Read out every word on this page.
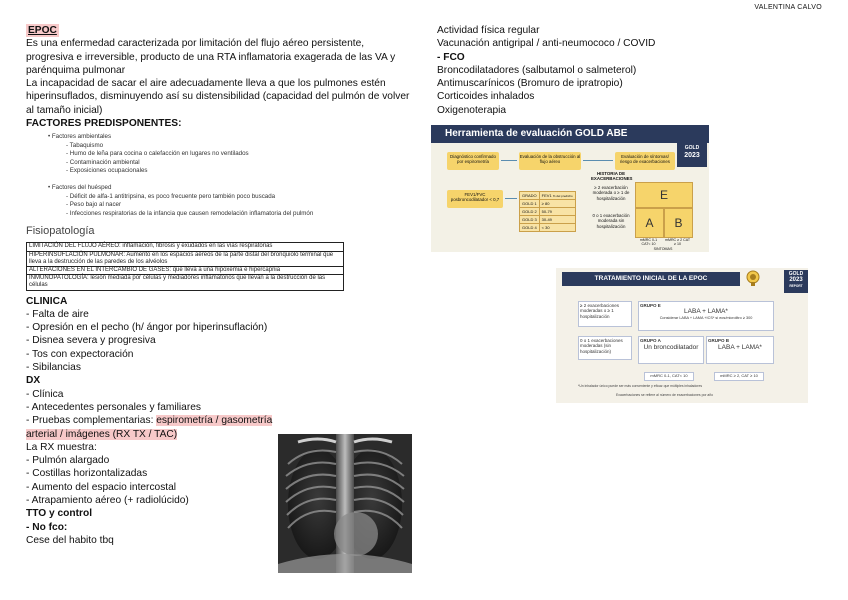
VALENTINA CALVO
EPOC

Es una enfermedad caracterizada por limitación del flujo aéreo persistente, progresiva e irreversible, producto de una RTA inflamatoria exagerada de las VA y parénquima pulmonar

La incapacidad de sacar el aire adecuadamente lleva a que los pulmones estén hiperinsuflados, disminuyendo así su distensibilidad (capacidad del pulmón de volver al tamaño inicial)

FACTORES PREDISPONENTES:

• Factores ambientales
- Tabaquismo
- Humo de leña para cocina o calefacción en lugares no ventilados
- Contaminación ambiental
- Exposiciones ocupacionales
• Factores del huésped
- Déficit de alfa-1 antitripsina, es poco frecuente pero también poco buscada
- Peso bajo al nacer
- Infecciones respiratorias de la infancia que causen remodelación inflamatoria del pulmón
Fisiopatología
LIMITACIÓN DEL FLUJO AÉREO: inflamación, fibrosis y exudados en las vías respiratorias
HIPERINSUFLACIÓN PULMONAR: Aumento en los espacios aéreos de la parte distal del bronquiolo terminal que lleva a la destrucción de las paredes de los alvéolos
ALTERACIONES EN EL INTERCAMBIO DE GASES: que lleva a una hipoxemia e hipercapnia
INMUNOPATOLOGÍA: lesión mediada por células y mediadores inflamatorios que llevan a la destrucción de las células

CLINICA

- Falta de aire

- Opresión en el pecho (h/ ángor por hiperinsuflación)

- Disnea severa y progresiva

- Tos con expectoración

- Sibilancias

DX

- Clínica

- Antecedentes personales y familiares

- Pruebas complementarias: espirometría / gasometría

arterial / imágenes (RX TX / TAC)

La RX muestra:

- Pulmón alargado

- Costillas horizontalizadas

- Aumento del espacio intercostal

- Atrapamiento aéreo (+ radiolúcido)

TTO y control

- No fco:

Cese del habito tbq

Actividad física regular

Vacunación antigripal / anti-neumococo / COVID

- FCO

Broncodilatadores (salbutamol o salmeterol)

Antimuscarínicos (Bromuro de ipratropio)

Corticoides inhalados

Oxigenoterapia

Herramienta de evaluación GOLD ABE
GOLD
2023
Diagnóstico confirmado por espirometría
Evaluación de la obstrucción al flujo aéreo
Evaluación de síntomas/ riesgo de exacerbaciones
FEV1/FVC posbroncodilatador < 0,7
GRADO	FEV1 % del predicho
GOLD 1	≥ 80
GOLD 2	50-79
GOLD 3	30-49
GOLD 4	< 30
HISTORIA DE EXACERBACIONES
≥ 2 exacerbación moderada o ≥ 1 de hospitalización
0 o 1 exacerbación moderada sin hospitalización
E
A	B
mMRC 0-1 CAT< 10
mMRC ≥ 2 CAT ≥ 10
SINTOMAS
TRATAMIENTO INICIAL DE LA EPOC
GOLD
2023
REPORT
≥ 2 exacerbaciones moderadas o ≥ 1 hospitalización
GRUPO E
LABA + LAMA*
Considerar LABA + LAMA +ICS* si eos/microlitro ≥ 300
0 o 1 exacerbaciones moderadas (sin hospitalización)
GRUPO A
Un broncodilatador
GRUPO B
LABA + LAMA*
mMRC 0-1, CAT< 10	mMRC ≥ 2, CAT ≥ 10
*Un inhalador único puede ser más conveniente y eficaz que múltiples inhaladores
Exacerbaciones se refiere al número de exacerbaciones por año
